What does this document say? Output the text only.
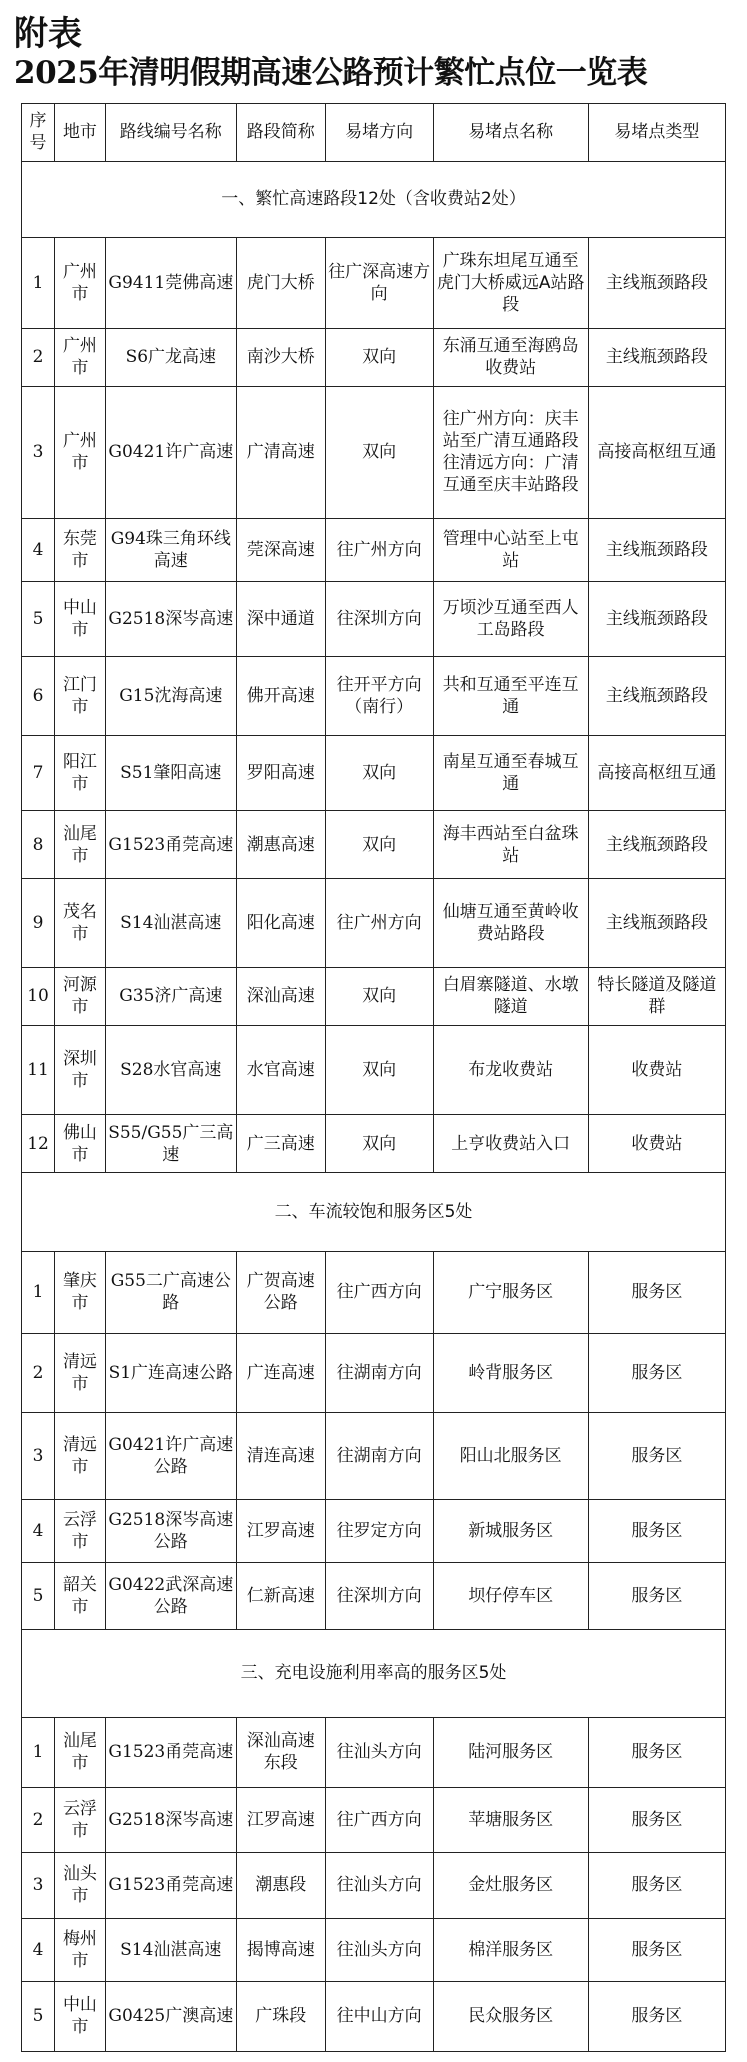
附表
2025年清明假期高速公路预计繁忙点位一览表
序号	地市	路线编号名称	路段简称	易堵方向	易堵点名称	易堵点类型
一、繁忙高速路段12处（含收费站2处）						
1	广州市	G9411莞佛高速	虎门大桥	往广深高速方向	广珠东坦尾互通至虎门大桥威远A站路段	主线瓶颈路段
2	广州市	S6广龙高速	南沙大桥	双向	东涌互通至海鸥岛收费站	主线瓶颈路段
3	广州市	G0421许广高速	广清高速	双向	往广州方向：庆丰站至广清互通路段 往清远方向：广清互通至庆丰站路段	高接高枢纽互通
4	东莞市	G94珠三角环线高速	莞深高速	往广州方向	管理中心站至上屯站	主线瓶颈路段
5	中山市	G2518深岑高速	深中通道	往深圳方向	万顷沙互通至西人工岛路段	主线瓶颈路段
6	江门市	G15沈海高速	佛开高速	往开平方向（南行）	共和互通至平连互通	主线瓶颈路段
7	阳江市	S51肇阳高速	罗阳高速	双向	南星互通至春城互通	高接高枢纽互通
8	汕尾市	G1523甬莞高速	潮惠高速	双向	海丰西站至白盆珠站	主线瓶颈路段
9	茂名市	S14汕湛高速	阳化高速	往广州方向	仙塘互通至黄岭收费站路段	主线瓶颈路段
10	河源市	G35济广高速	深汕高速	双向	白眉寨隧道、水墩隧道	特长隧道及隧道群
11	深圳市	S28水官高速	水官高速	双向	布龙收费站	收费站
12	佛山市	S55/G55广三高速	广三高速	双向	上亨收费站入口	收费站
二、车流较饱和服务区5处						
1	肇庆市	G55二广高速公路	广贺高速公路	往广西方向	广宁服务区	服务区
2	清远市	S1广连高速公路	广连高速	往湖南方向	岭背服务区	服务区
3	清远市	G0421许广高速公路	清连高速	往湖南方向	阳山北服务区	服务区
4	云浮市	G2518深岑高速公路	江罗高速	往罗定方向	新城服务区	服务区
5	韶关市	G0422武深高速公路	仁新高速	往深圳方向	坝仔停车区	服务区
三、充电设施利用率高的服务区5处						
1	汕尾市	G1523甬莞高速	深汕高速东段	往汕头方向	陆河服务区	服务区
2	云浮市	G2518深岑高速	江罗高速	往广西方向	苹塘服务区	服务区
3	汕头市	G1523甬莞高速	潮惠段	往汕头方向	金灶服务区	服务区
4	梅州市	S14汕湛高速	揭博高速	往汕头方向	棉洋服务区	服务区
5	中山市	G0425广澳高速	广珠段	往中山方向	民众服务区	服务区
